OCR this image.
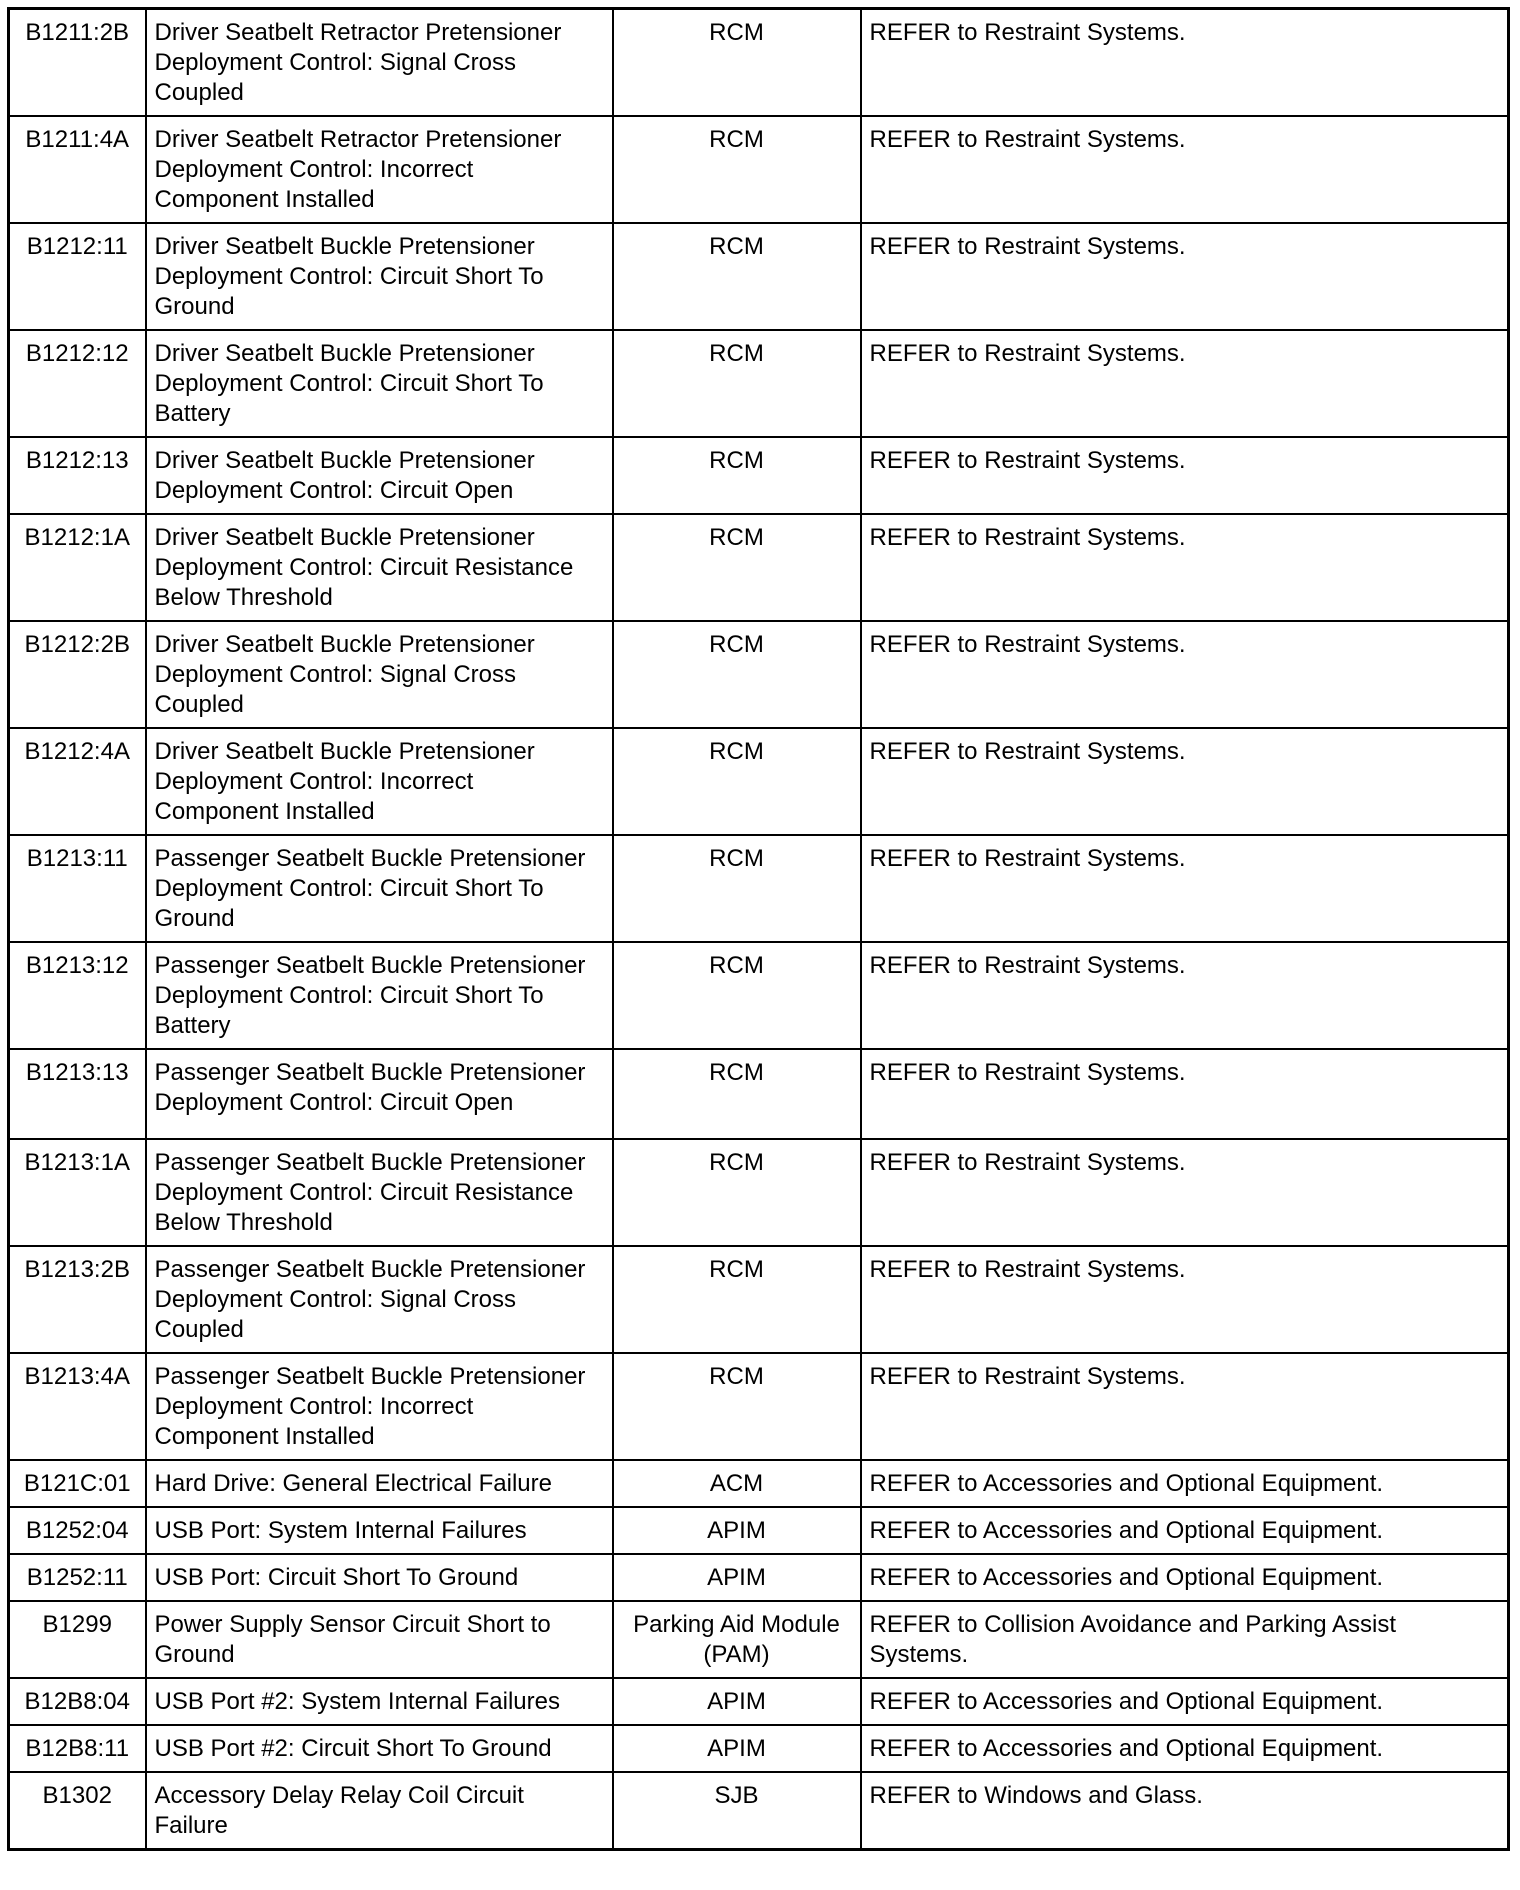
B1211:2B	Driver Seatbelt Retractor Pretensioner Deployment Control: Signal Cross Coupled	RCM	REFER to Restraint Systems.
B1211:4A	Driver Seatbelt Retractor Pretensioner Deployment Control: Incorrect Component Installed	RCM	REFER to Restraint Systems.
B1212:11	Driver Seatbelt Buckle Pretensioner Deployment Control: Circuit Short To Ground	RCM	REFER to Restraint Systems.
B1212:12	Driver Seatbelt Buckle Pretensioner Deployment Control: Circuit Short To Battery	RCM	REFER to Restraint Systems.
B1212:13	Driver Seatbelt Buckle Pretensioner Deployment Control: Circuit Open	RCM	REFER to Restraint Systems.
B1212:1A	Driver Seatbelt Buckle Pretensioner Deployment Control: Circuit Resistance Below Threshold	RCM	REFER to Restraint Systems.
B1212:2B	Driver Seatbelt Buckle Pretensioner Deployment Control: Signal Cross Coupled	RCM	REFER to Restraint Systems.
B1212:4A	Driver Seatbelt Buckle Pretensioner Deployment Control: Incorrect Component Installed	RCM	REFER to Restraint Systems.
B1213:11	Passenger Seatbelt Buckle Pretensioner Deployment Control: Circuit Short To Ground	RCM	REFER to Restraint Systems.
B1213:12	Passenger Seatbelt Buckle Pretensioner Deployment Control: Circuit Short To Battery	RCM	REFER to Restraint Systems.
B1213:13	Passenger Seatbelt Buckle Pretensioner Deployment Control: Circuit Open	RCM	REFER to Restraint Systems.
B1213:1A	Passenger Seatbelt Buckle Pretensioner Deployment Control: Circuit Resistance Below Threshold	RCM	REFER to Restraint Systems.
B1213:2B	Passenger Seatbelt Buckle Pretensioner Deployment Control: Signal Cross Coupled	RCM	REFER to Restraint Systems.
B1213:4A	Passenger Seatbelt Buckle Pretensioner Deployment Control: Incorrect Component Installed	RCM	REFER to Restraint Systems.
B121C:01	Hard Drive: General Electrical Failure	ACM	REFER to Accessories and Optional Equipment.
B1252:04	USB Port: System Internal Failures	APIM	REFER to Accessories and Optional Equipment.
B1252:11	USB Port: Circuit Short To Ground	APIM	REFER to Accessories and Optional Equipment.
B1299	Power Supply Sensor Circuit Short to Ground	Parking Aid Module (PAM)	REFER to Collision Avoidance and Parking Assist Systems.
B12B8:04	USB Port #2: System Internal Failures	APIM	REFER to Accessories and Optional Equipment.
B12B8:11	USB Port #2: Circuit Short To Ground	APIM	REFER to Accessories and Optional Equipment.
B1302	Accessory Delay Relay Coil Circuit Failure	SJB	REFER to Windows and Glass.
